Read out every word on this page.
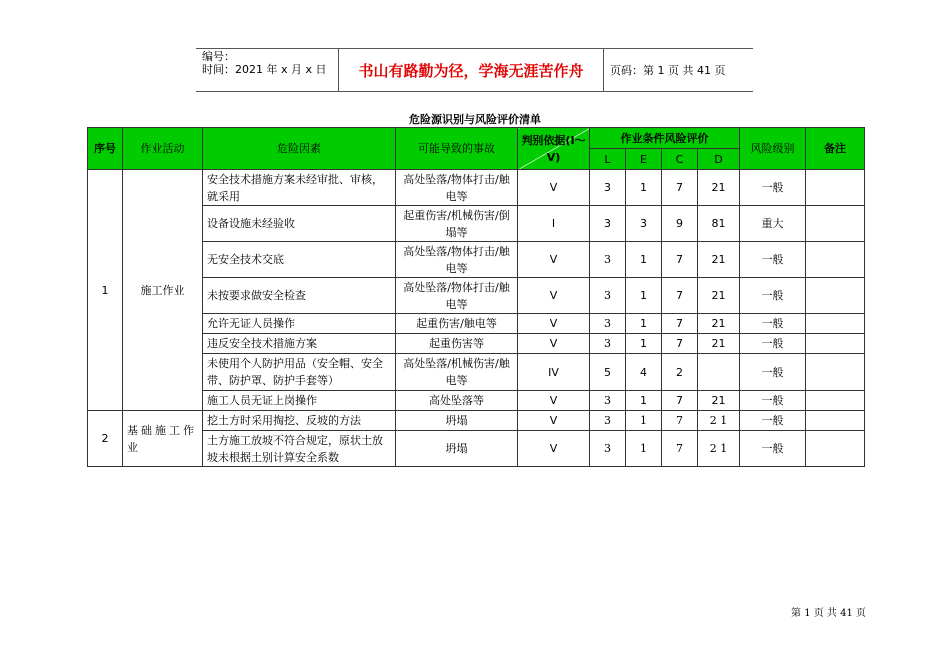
编号：
时间：2021 年 x 月 x 日	书山有路勤为径，学海无涯苦作舟 页码：第 1 页 共 41 页
危险源识别与风险评价清单
序号	作业活动	危险因素	可能导致的事故	判别依据(I～V)	作业条件风险评价				风险级别	备注
					L	E	C	D		
1	施工作业	安全技术措施方案未经审批、审核，就采用	高处坠落/物体打击/触电等	V	3	1	7	21	一般	
		设备设施未经验收	起重伤害/机械伤害/倒塌等	I	3	3	9	81	重大	
		无安全技术交底	高处坠落/物体打击/触电等	V	3	1	7	21	一般	
		未按要求做安全检查	高处坠落/物体打击/触电等	V	3	1	7	21	一般	
		允许无证人员操作	起重伤害/触电等	V	3	1	7	21	一般	
		违反安全技术措施方案	起重伤害等	V	3	1	7	21	一般	
		未使用个人防护用品（安全帽、安全带、防护罩、防护手套等）	高处坠落/机械伤害/触电等	IV	5	4	2		一般	
		施工人员无证上岗操作	高处坠落等	V	3	1	7	21	一般	
2	基础施工作业	挖土方时采用掏挖、反坡的方法	坍塌	V	3	1	7	2 1	一般	
		土方施工放坡不符合规定，原状土放坡未根据土别计算安全系数	坍塌	V	3	1	7	2 1	一般	
第 1 页 共 41 页
